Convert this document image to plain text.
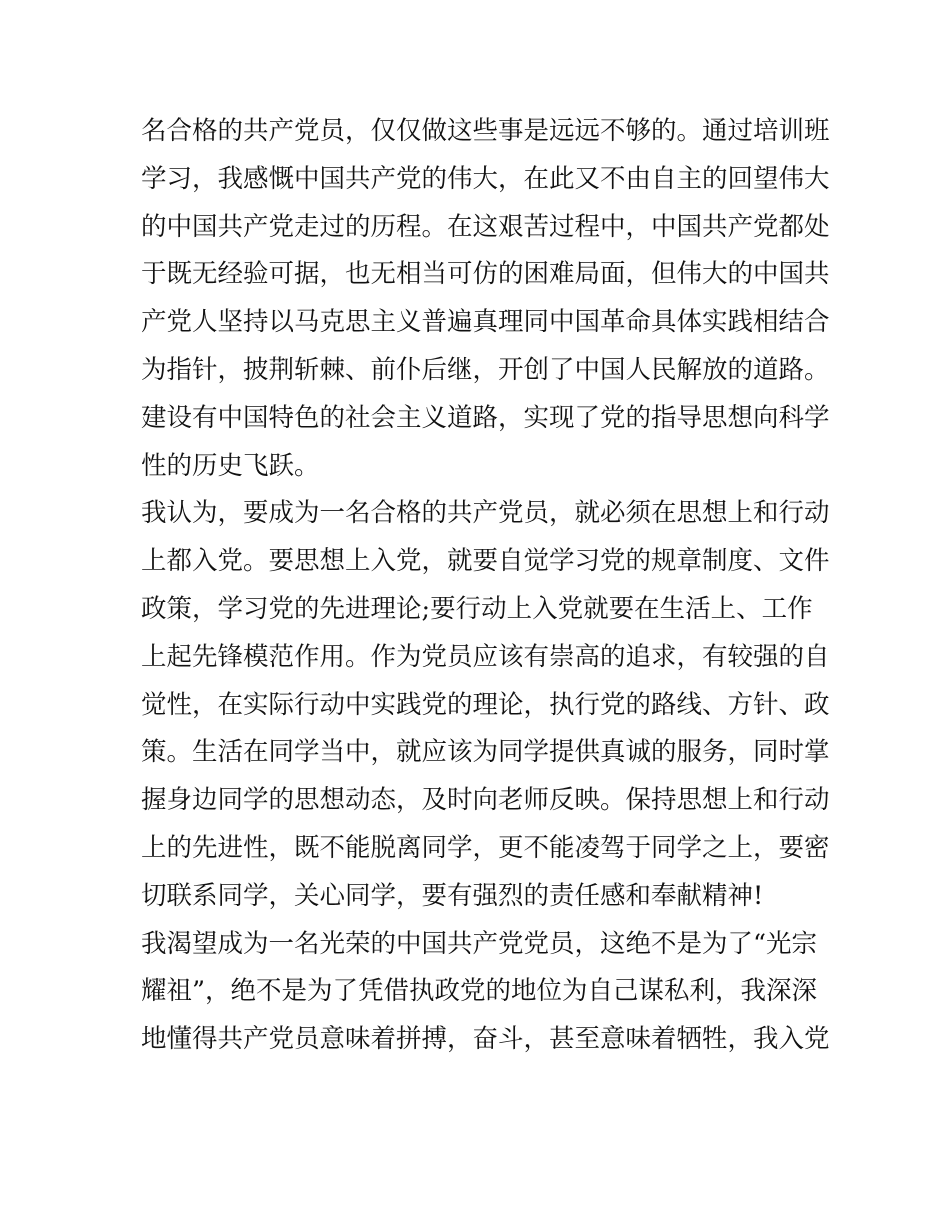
名合格的共产党员，仅仅做这些事是远远不够的。通过培训班
学习，我感慨中国共产党的伟大，在此又不由自主的回望伟大
的中国共产党走过的历程。在这艰苦过程中，中国共产党都处
于既无经验可据，也无相当可仿的困难局面，但伟大的中国共
产党人坚持以马克思主义普遍真理同中国革命具体实践相结合
为指针，披荆斩棘、前仆后继，开创了中国人民解放的道路。
建设有中国特色的社会主义道路，实现了党的指导思想向科学
性的历史飞跃。
我认为，要成为一名合格的共产党员，就必须在思想上和行动
上都入党。要思想上入党，就要自觉学习党的规章制度、文件
政策，学习党的先进理论;要行动上入党就要在生活上、工作
上起先锋模范作用。作为党员应该有崇高的追求，有较强的自
觉性，在实际行动中实践党的理论，执行党的路线、方针、政
策。生活在同学当中，就应该为同学提供真诚的服务，同时掌
握身边同学的思想动态，及时向老师反映。保持思想上和行动
上的先进性，既不能脱离同学，更不能凌驾于同学之上，要密
切联系同学，关心同学，要有强烈的责任感和奉献精神!
我渴望成为一名光荣的中国共产党党员，这绝不是为了“光宗
耀祖”，绝不是为了凭借执政党的地位为自己谋私利，我深深
地懂得共产党员意味着拼搏，奋斗，甚至意味着牺牲，我入党
